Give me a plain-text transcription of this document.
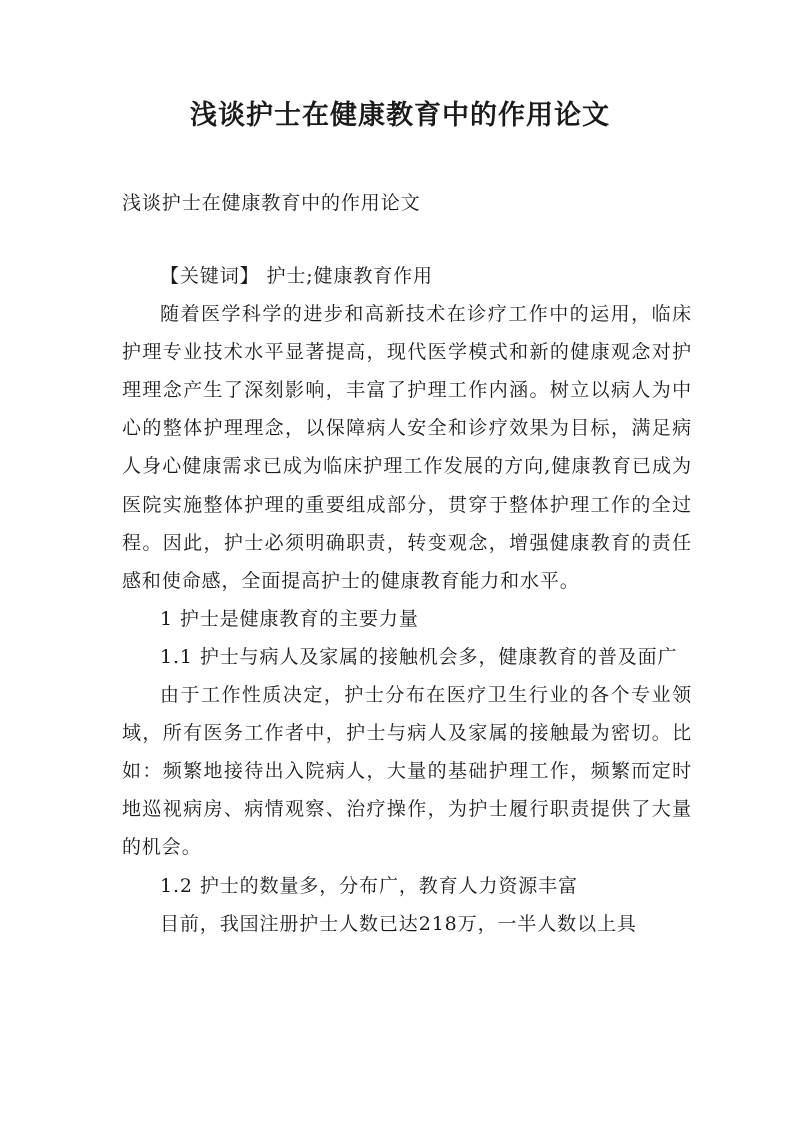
浅谈护士在健康教育中的作用论文
浅谈护士在健康教育中的作用论文

【关键词】 护士;健康教育作用

随着医学科学的进步和高新技术在诊疗工作中的运用，临床护理专业技术水平显著提高，现代医学模式和新的健康观念对护理理念产生了深刻影响，丰富了护理工作内涵。树立以病人为中心的整体护理理念，以保障病人安全和诊疗效果为目标，满足病人身心健康需求已成为临床护理工作发展的方向,健康教育已成为医院实施整体护理的重要组成部分，贯穿于整体护理工作的全过程。因此，护士必须明确职责，转变观念，增强健康教育的责任感和使命感，全面提高护士的健康教育能力和水平。

1 护士是健康教育的主要力量

1.1 护士与病人及家属的接触机会多，健康教育的普及面广

由于工作性质决定，护士分布在医疗卫生行业的各个专业领域，所有医务工作者中，护士与病人及家属的接触最为密切。比如：频繁地接待出入院病人，大量的基础护理工作，频繁而定时地巡视病房、病情观察、治疗操作，为护士履行职责提供了大量的机会。

1.2 护士的数量多，分布广，教育人力资源丰富

目前，我国注册护士人数已达218万，一半人数以上具
